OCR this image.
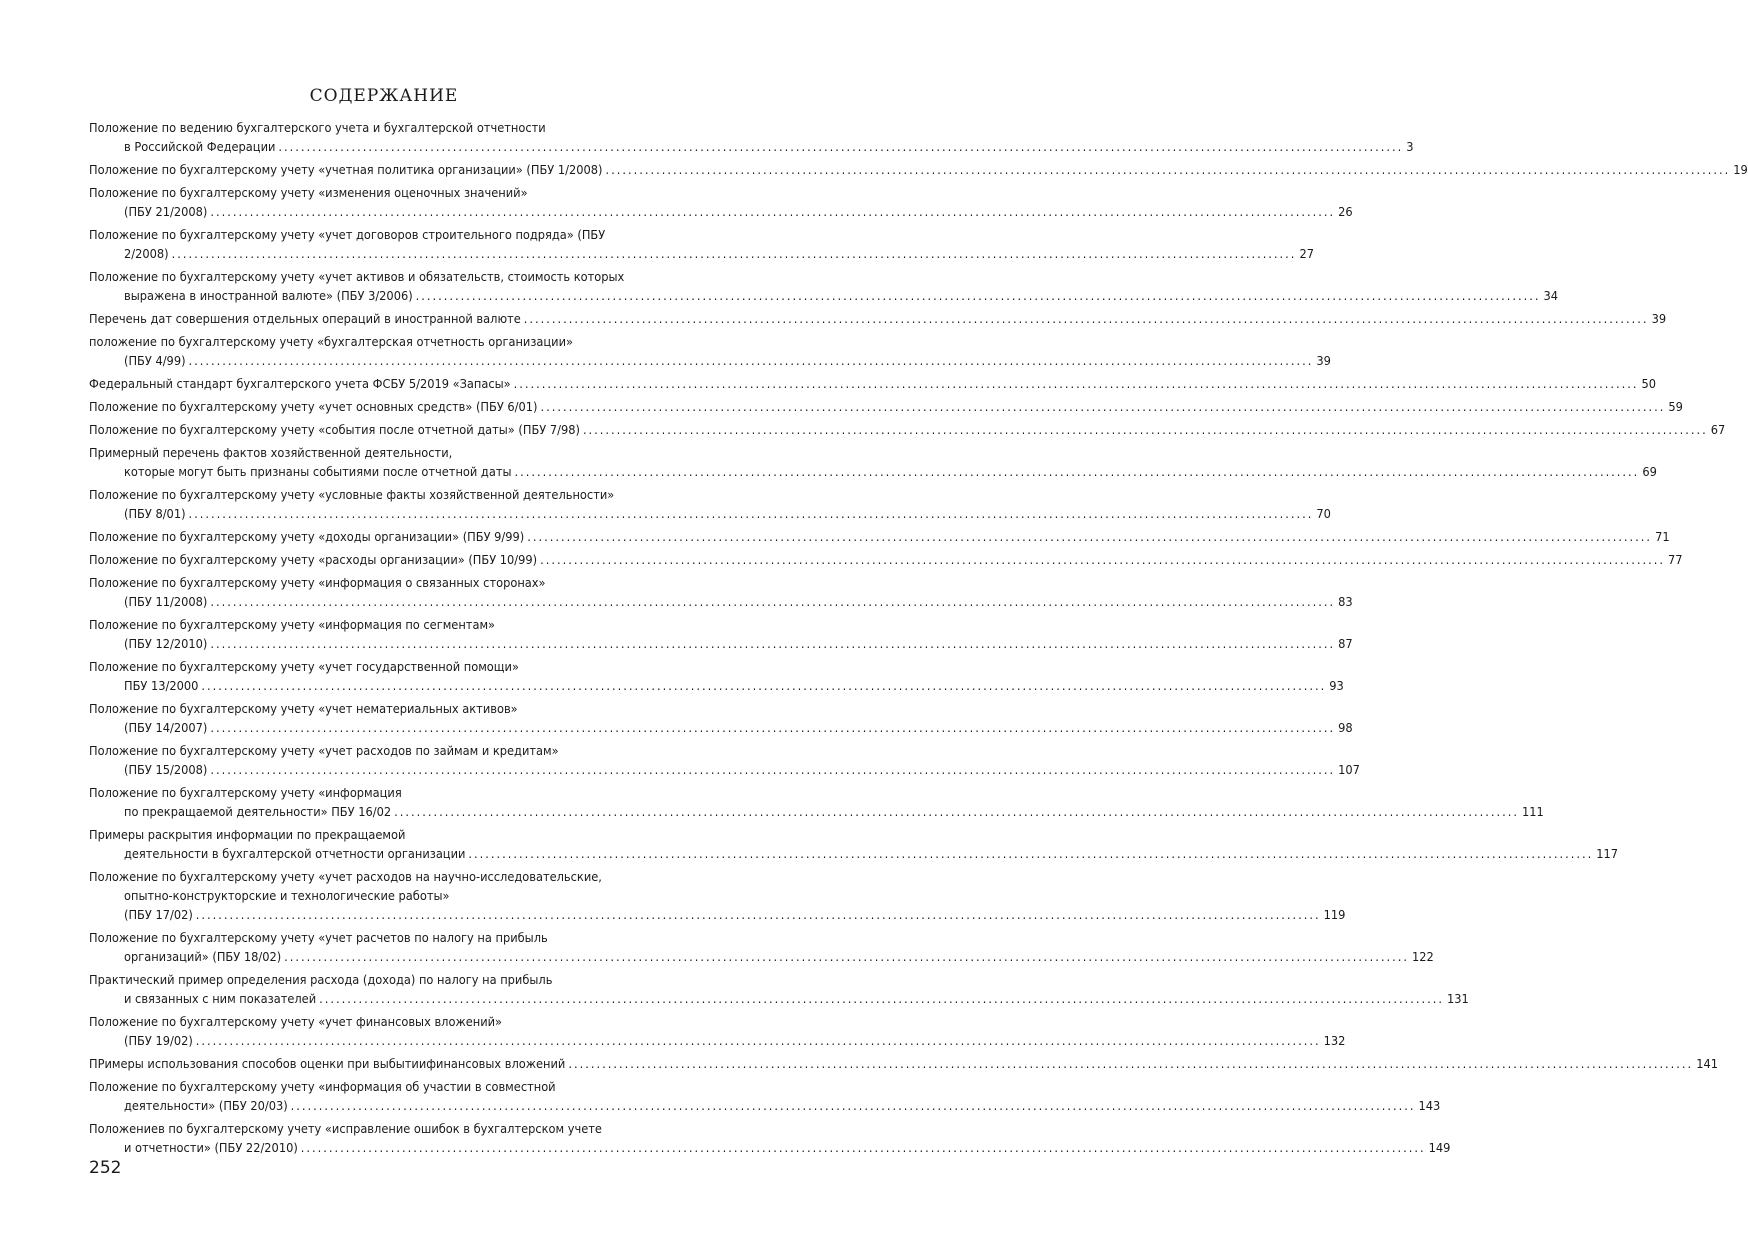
СОДЕРЖАНИЕ
Положение по ведению бухгалтерского учета и бухгалтерской отчетности
в Российской Федерации ........................................................................................................................................................................................................ 3
Положение по бухгалтерскому учету «учетная политика организации» (ПБУ 1/2008) ........................................................................................................................................................................................................ 19
Положение по бухгалтерскому учету «изменения оценочных значений»
(ПБУ 21/2008) ........................................................................................................................................................................................................ 26
Положение по бухгалтерскому учету «учет договоров строительного подряда» (ПБУ
2/2008) ........................................................................................................................................................................................................ 27
Положение по бухгалтерскому учету «учет активов и обязательств, стоимость которых
выражена в иностранной валюте» (ПБУ 3/2006) ........................................................................................................................................................................................................ 34
Перечень дат совершения отдельных операций в иностранной валюте ........................................................................................................................................................................................................ 39
положение по бухгалтерскому учету «бухгалтерская отчетность организации»
(ПБУ 4/99) ........................................................................................................................................................................................................ 39
Федеральный стандарт бухгалтерского учета ФСБУ 5/2019 «Запасы» ........................................................................................................................................................................................................ 50
Положение по бухгалтерскому учету «учет основных средств» (ПБУ 6/01) ........................................................................................................................................................................................................ 59
Положение по бухгалтерскому учету «события после отчетной даты» (ПБУ 7/98) ........................................................................................................................................................................................................ 67
Примерный перечень фактов хозяйственной деятельности,
которые могут быть признаны событиями после отчетной даты ........................................................................................................................................................................................................ 69
Положение по бухгалтерскому учету «условные факты хозяйственной деятельности»
(ПБУ 8/01) ........................................................................................................................................................................................................ 70
Положение по бухгалтерскому учету «доходы организации» (ПБУ 9/99) ........................................................................................................................................................................................................ 71
Положение по бухгалтерскому учету «расходы организации» (ПБУ 10/99) ........................................................................................................................................................................................................ 77
Положение по бухгалтерскому учету «информация о связанных сторонах»
(ПБУ 11/2008) ........................................................................................................................................................................................................ 83
Положение по бухгалтерскому учету «информация по сегментам»
(ПБУ 12/2010) ........................................................................................................................................................................................................ 87
Положение по бухгалтерскому учету «учет государственной помощи»
ПБУ 13/2000 ........................................................................................................................................................................................................ 93
Положение по бухгалтерскому учету «учет нематериальных активов»
(ПБУ 14/2007) ........................................................................................................................................................................................................ 98
Положение по бухгалтерскому учету «учет расходов по займам и кредитам»
(ПБУ 15/2008) ........................................................................................................................................................................................................ 107
Положение по бухгалтерскому учету «информация
по прекращаемой деятельности» ПБУ 16/02 ........................................................................................................................................................................................................ 111
Примеры раскрытия информации по прекращаемой
деятельности в бухгалтерской отчетности организации ........................................................................................................................................................................................................ 117
Положение по бухгалтерскому учету «учет расходов на научно-исследовательские,
опытно-конструкторские и технологические работы»
(ПБУ 17/02) ........................................................................................................................................................................................................ 119
Положение по бухгалтерскому учету «учет расчетов по налогу на прибыль
организаций» (ПБУ 18/02) ........................................................................................................................................................................................................ 122
Практический пример определения расхода (дохода) по налогу на прибыль
и связанных с ним показателей ........................................................................................................................................................................................................ 131
Положение по бухгалтерскому учету «учет финансовых вложений»
(ПБУ 19/02) ........................................................................................................................................................................................................ 132
ПРимеры использования способов оценки при выбытиифинансовых вложений ........................................................................................................................................................................................................ 141
Положение по бухгалтерскому учету «информация об участии в совместной
деятельности» (ПБУ 20/03) ........................................................................................................................................................................................................ 143
Положениев по бухгалтерскому учету «исправление ошибок в бухгалтерском учете
и отчетности» (ПБУ 22/2010) ........................................................................................................................................................................................................ 149
252
